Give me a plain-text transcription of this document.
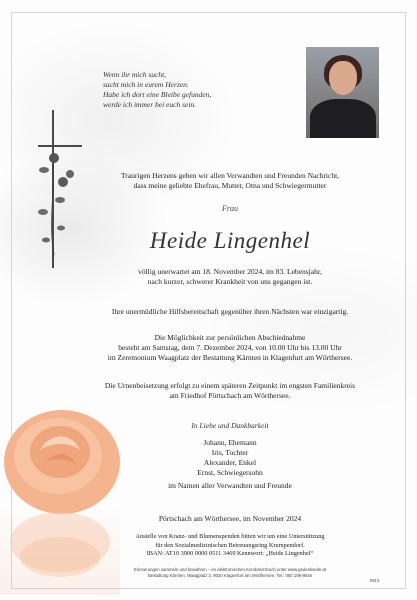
Wenn ihr mich sucht,
sucht mich in eurem Herzen.
Habe ich dort eine Bleibe gefunden,
werde ich immer bei euch sein.
Traurigen Herzens geben wir allen Verwandten und Freunden Nachricht,
dass meine geliebte Ehefrau, Mutter, Oma und Schwiegermutter
Frau
Heide Lingenhel
völlig unerwartet am 18. November 2024, im 83. Lebensjahr,
nach kurzer, schwerer Krankheit von uns gegangen ist.
Ihre unermüdliche Hilfsbereitschaft gegenüber ihren Nächsten war einzigartig.
Die Möglichkeit zur persönlichen Abschiednahme
besteht am Samstag, dem 7. Dezember 2024, von 10.00 Uhr bis 13.00 Uhr
im Zeremonium Waagplatz der Bestattung Kärnten in Klagenfurt am Wörthersee.
Die Urnenbeisetzung erfolgt zu einem späteren Zeitpunkt im engsten Familienkreis
am Friedhof Pörtschach am Wörthersee.
In Liebe und Dankbarkeit
Johann, Ehemann
Iris, Tochter
Alexander, Enkel
Ernst, Schwiegersohn
im Namen aller Verwandten und Freunde
Pörtschach am Wörthersee, im November 2024
Anstelle von Kranz- und Blumenspenden bitten wir um eine Unterstützung
für den Sozialmedizinischen Betreuungsring Krumpendorf.
IBAN: AT10 3900 0000 0511 3469 Kennwort: „Heide Lingenhel“
Erinnerungen sammeln und bewahren – im elektronischen Kondolenzbuch unter www.gedenkseite.at
Bestattung Kärnten, Waagplatz 2, 9020 Klagenfurt am Wörthersee, Tel.: 050 198-9646
BBS
